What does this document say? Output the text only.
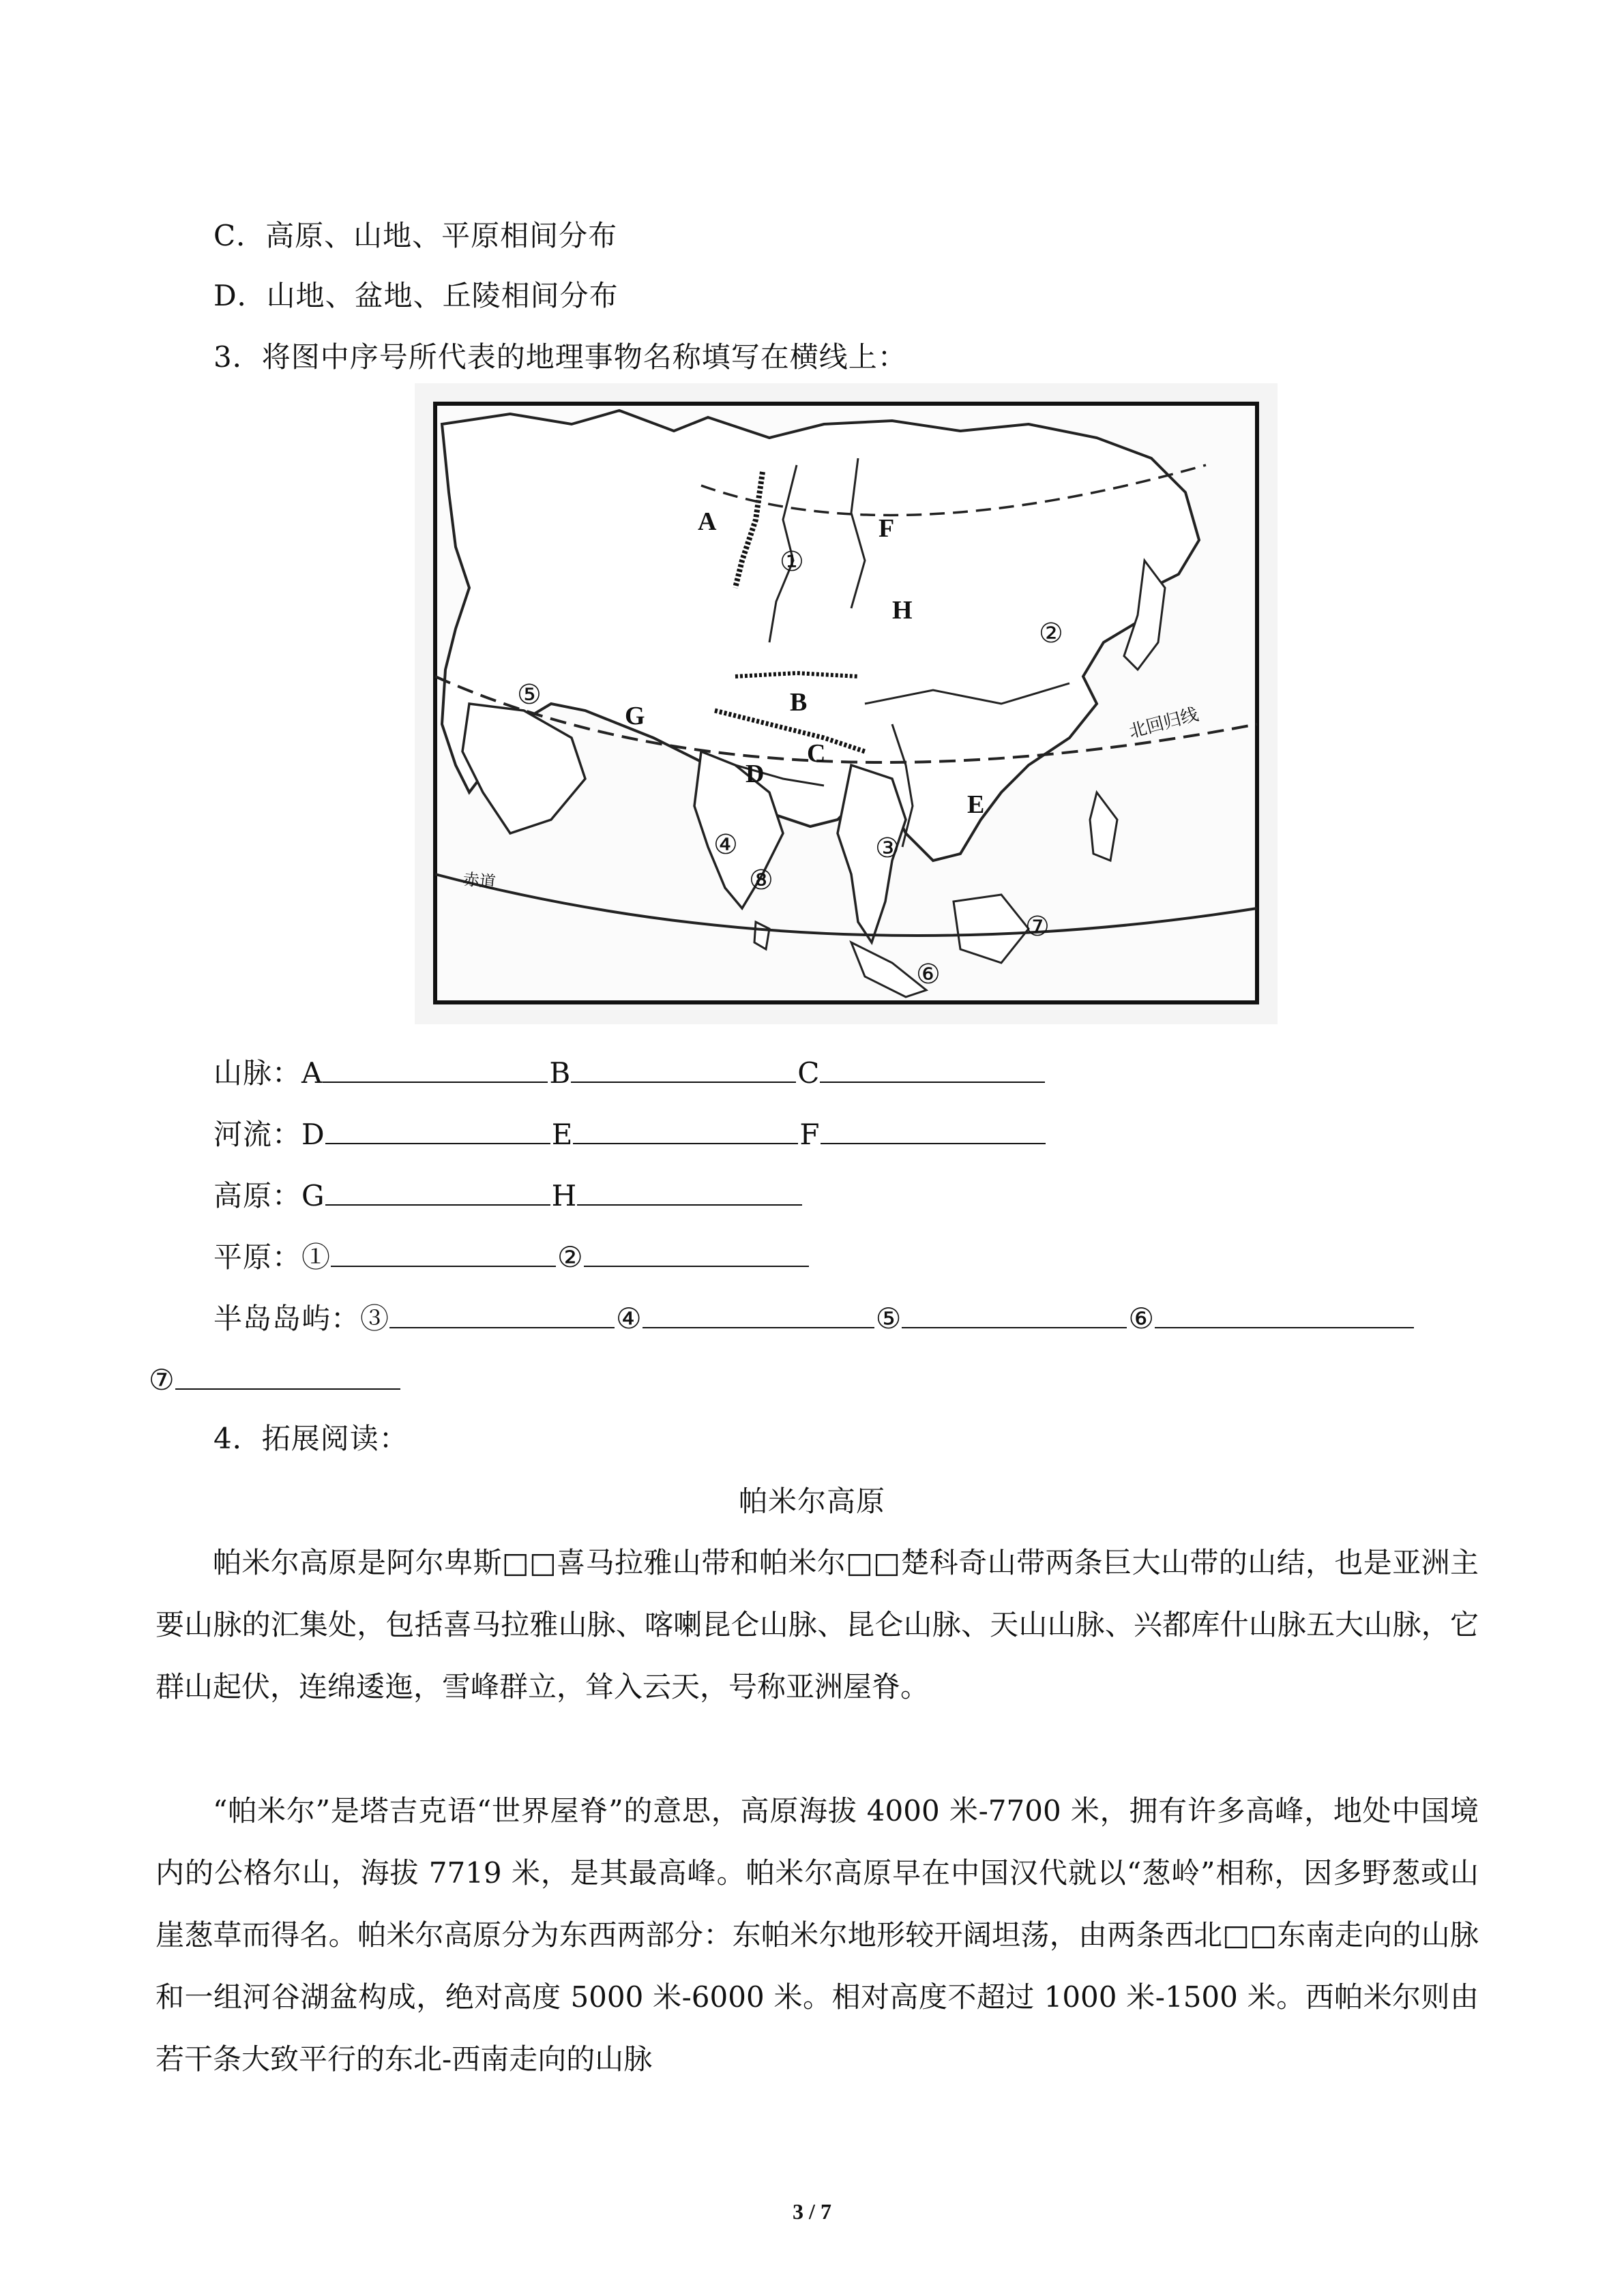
C．高原、山地、平原相间分布
D．山地、盆地、丘陵相间分布
3．将图中序号所代表的地理事物名称填写在横线上：
A
B
C
D
E
F
G
H
①
②
③
④
⑤
⑥
⑦
⑧
北回归线
赤道
山脉：A	B	C
河流：D	E	F
高原：G	H
平原：①	②
半岛岛屿：③	④	⑤	⑥
⑦
4．拓展阅读：
帕米尔高原

帕米尔高原是阿尔卑斯□□喜马拉雅山带和帕米尔□□楚科奇山带两条巨大山带的山结，也是亚洲主要山脉的汇集处，包括喜马拉雅山脉、喀喇昆仑山脉、昆仑山脉、天山山脉、兴都库什山脉五大山脉，它群山起伏，连绵逶迤，雪峰群立，耸入云天，号称亚洲屋脊。

“帕米尔”是塔吉克语“世界屋脊”的意思，高原海拔 4000 米-7700 米，拥有许多高峰，地处中国境内的公格尔山，海拔 7719 米，是其最高峰。帕米尔高原早在中国汉代就以“葱岭”相称，因多野葱或山崖葱草而得名。帕米尔高原分为东西两部分：东帕米尔地形较开阔坦荡，由两条西北□□东南走向的山脉和一组河谷湖盆构成，绝对高度 5000 米-6000 米。相对高度不超过 1000 米-1500 米。西帕米尔则由若干条大致平行的东北-西南走向的山脉

3 / 7
